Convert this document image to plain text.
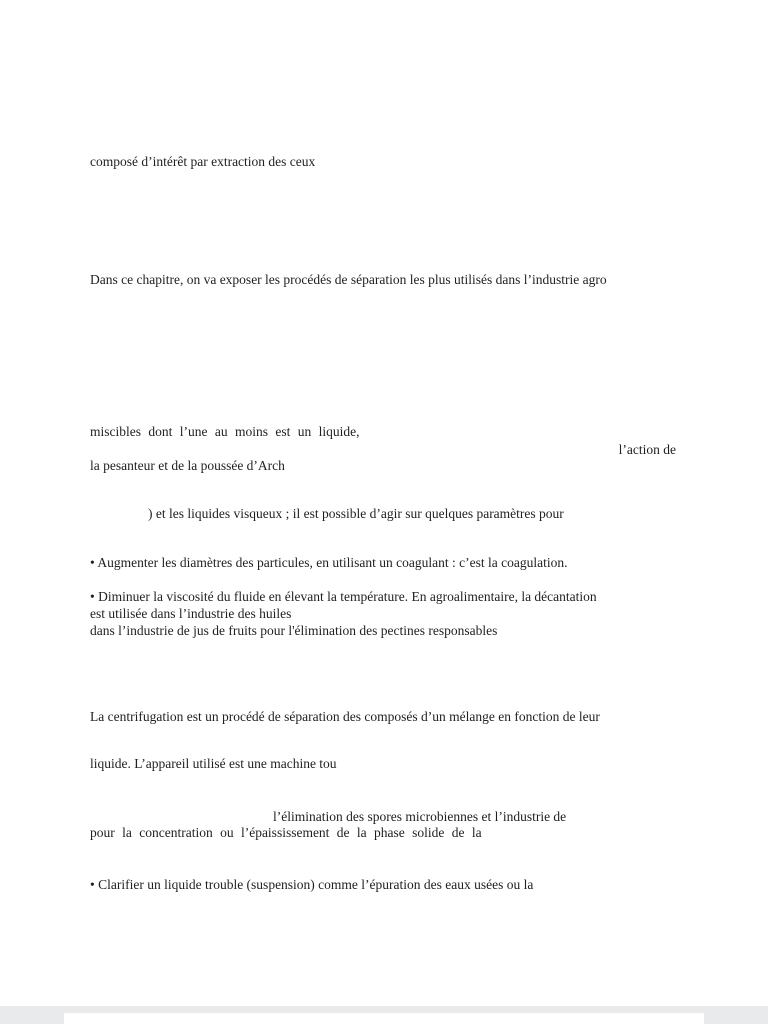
composé d’intérêt par extraction des ceux
Dans ce chapitre, on va exposer les procédés de séparation les plus utilisés dans l’industrie agro
miscibles dont l’une au moins est un liquide,
l’action de
la pesanteur et de la poussée d’Arch
) et les liquides visqueux ; il est possible d’agir sur quelques paramètres pour
• Augmenter les diamètres des particules, en utilisant un coagulant : c’est la coagulation.
• Diminuer la viscosité du fluide en élevant la température. En agroalimentaire, la décantation
est utilisée dans l’industrie des huiles
dans l’industrie de jus de fruits pour l'élimination des pectines responsables
La centrifugation est un procédé de séparation des composés d’un mélange en fonction de leur
liquide. L’appareil utilisé est une machine tou
l’élimination des spores microbiennes et l’industrie de
pour la concentration ou l’épaississement de la phase solide de la
• Clarifier un liquide trouble (suspension) comme l’épuration des eaux usées ou la
